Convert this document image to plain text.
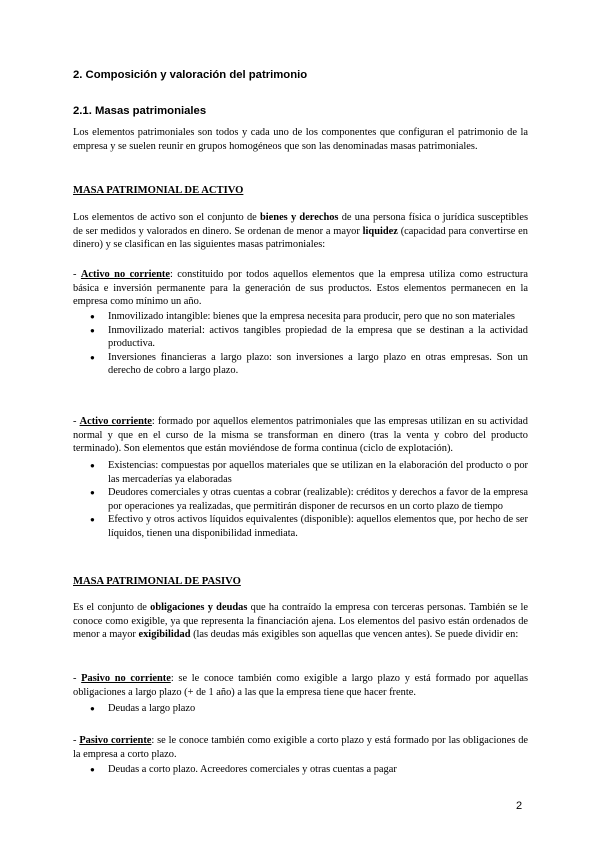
2. Composición y valoración del patrimonio
2.1. Masas patrimoniales
Los elementos patrimoniales son todos y cada uno de los componentes que configuran el patrimonio de la empresa y se suelen reunir en grupos homogéneos que son las denominadas masas patrimoniales.
MASA PATRIMONIAL DE ACTIVO
Los elementos de activo son el conjunto de bienes y derechos de una persona física o jurídica susceptibles de ser medidos y valorados en dinero. Se ordenan de menor a mayor liquidez (capacidad para convertirse en dinero) y se clasifican en las siguientes masas patrimoniales:
- Activo no corriente: constituido por todos aquellos elementos que la empresa utiliza como estructura básica e inversión permanente para la generación de sus productos. Estos elementos permanecen en la empresa como mínimo un año.
● Inmovilizado intangible: bienes que la empresa necesita para producir, pero que no son materiales
● Inmovilizado material: activos tangibles propiedad de la empresa que se destinan a la actividad productiva.
● Inversiones financieras a largo plazo: son inversiones a largo plazo en otras empresas. Son un derecho de cobro a largo plazo.
- Activo corriente: formado por aquellos elementos patrimoniales que las empresas utilizan en su actividad normal y que en el curso de la misma se transforman en dinero (tras la venta y cobro del producto terminado). Son elementos que están moviéndose de forma continua (ciclo de explotación).
● Existencias: compuestas por aquellos materiales que se utilizan en la elaboración del producto o por las mercaderías ya elaboradas
● Deudores comerciales y otras cuentas a cobrar (realizable): créditos y derechos a favor de la empresa por operaciones ya realizadas, que permitirán disponer de recursos en un corto plazo de tiempo
● Efectivo y otros activos líquidos equivalentes (disponible): aquellos elementos que, por hecho de ser líquidos, tienen una disponibilidad inmediata.
MASA PATRIMONIAL DE PASIVO
Es el conjunto de obligaciones y deudas que ha contraído la empresa con terceras personas. También se le conoce como exigible, ya que representa la financiación ajena. Los elementos del pasivo están ordenados de menor a mayor exigibilidad (las deudas más exigibles son aquellas que vencen antes). Se puede dividir en:
- Pasivo no corriente: se le conoce también como exigible a largo plazo y está formado por aquellas obligaciones a largo plazo (+ de 1 año) a las que la empresa tiene que hacer frente.
● Deudas a largo plazo
- Pasivo corriente: se le conoce también como exigible a corto plazo y está formado por las obligaciones de la empresa a corto plazo.
● Deudas a corto plazo. Acreedores comerciales y otras cuentas a pagar
2
